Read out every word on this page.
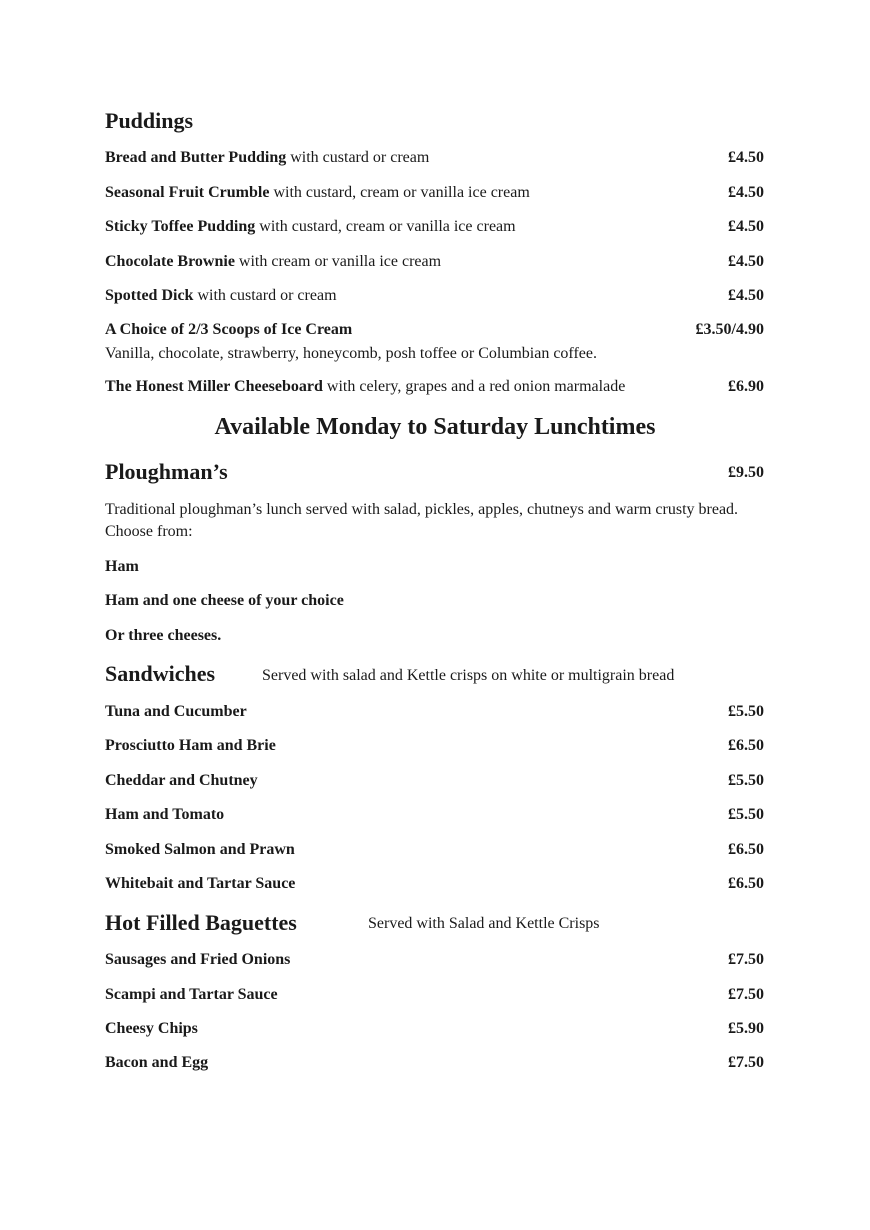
Puddings
Bread and Butter Pudding with custard or cream	£4.50
Seasonal Fruit Crumble with custard, cream or vanilla ice cream	£4.50
Sticky Toffee Pudding with custard, cream or vanilla ice cream	£4.50
Chocolate Brownie with cream or vanilla ice cream	£4.50
Spotted Dick with custard or cream	£4.50
A Choice of 2/3 Scoops of Ice Cream	£3.50/4.90
Vanilla, chocolate, strawberry, honeycomb, posh toffee or Columbian coffee.
The Honest Miller Cheeseboard with celery, grapes and a red onion marmalade	£6.90
Available Monday to Saturday Lunchtimes
Ploughman’s	£9.50
Traditional ploughman’s lunch served with salad, pickles, apples, chutneys and warm crusty bread. Choose from:
Ham
Ham and one cheese of your choice
Or three cheeses.
Sandwiches	Served with salad and Kettle crisps on white or multigrain bread
Tuna and Cucumber	£5.50
Prosciutto Ham and Brie	£6.50
Cheddar and Chutney	£5.50
Ham and Tomato	£5.50
Smoked Salmon and Prawn	£6.50
Whitebait and Tartar Sauce	£6.50
Hot Filled Baguettes	Served with Salad and Kettle Crisps
Sausages and Fried Onions	£7.50
Scampi and Tartar Sauce	£7.50
Cheesy Chips	£5.90
Bacon and Egg	£7.50
